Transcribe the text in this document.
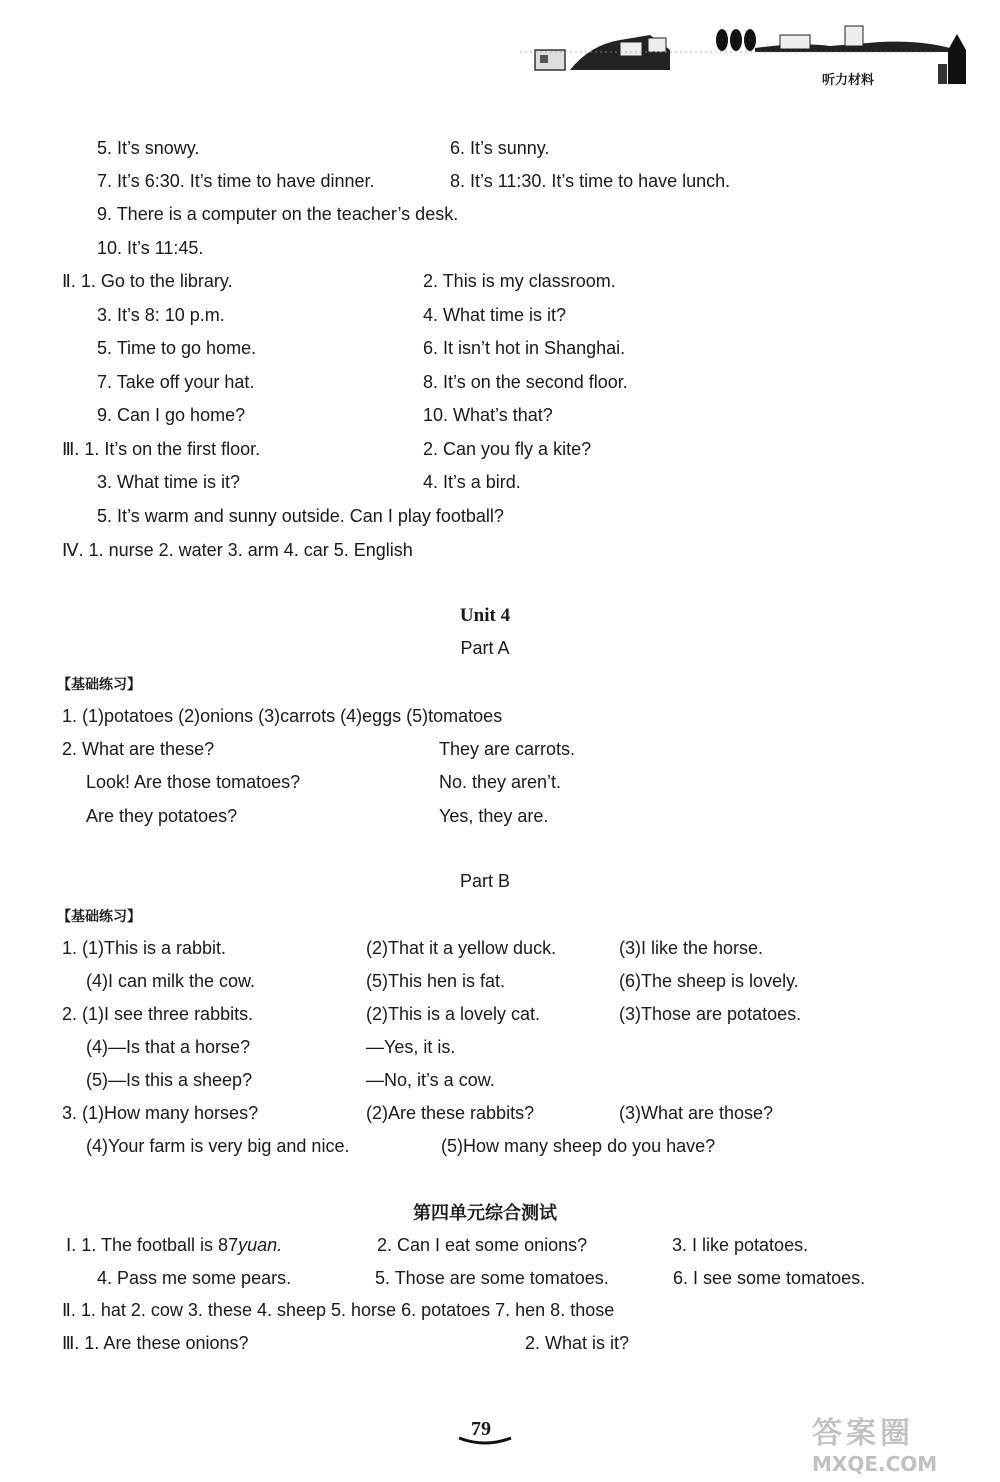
听力材料
5. It’s snowy.	6. It’s sunny.
7. It’s 6:30. It’s time to have dinner.	8. It’s 11:30. It’s time to have lunch.
9. There is a computer on the teacher’s desk.
10. It’s 11:45.
Ⅱ. 1. Go to the library.	2. This is my classroom.
3. It’s 8: 10 p.m.	4. What time is it?
5. Time to go home.	6. It isn’t hot in Shanghai.
7. Take off your hat.	8. It’s on the second floor.
9. Can I go home?	10. What’s that?
Ⅲ. 1. It’s on the first floor.	2. Can you fly a kite?
3. What time is it?	4. It’s a bird.
5. It’s warm and sunny outside. Can I play football?
Ⅳ. 1. nurse 2. water 3. arm 4. car 5. English
Unit 4
Part A
【基础练习】
1. (1)potatoes (2)onions (3)carrots (4)eggs (5)tomatoes
2. What are these?	They are carrots.
Look! Are those tomatoes?	No. they aren’t.
Are they potatoes?	Yes, they are.
Part B
【基础练习】
1. (1)This is a rabbit.	(2)That it a yellow duck.	(3)I like the horse.
(4)I can milk the cow.	(5)This hen is fat.	(6)The sheep is lovely.
2. (1)I see three rabbits.	(2)This is a lovely cat.	(3)Those are potatoes.
(4)—Is that a horse?	—Yes, it is.
(5)—Is this a sheep?	—No, it’s a cow.
3. (1)How many horses?	(2)Are these rabbits?	(3)What are those?
(4)Your farm is very big and nice.	(5)How many sheep do you have?
第四单元综合测试
Ⅰ. 1. The football is 87yuan.	2. Can I eat some onions?	3. I like potatoes.
4. Pass me some pears.	5. Those are some tomatoes.	6. I see some tomatoes.
Ⅱ. 1. hat 2. cow 3. these 4. sheep 5. horse 6. potatoes 7. hen 8. those
Ⅲ. 1. Are these onions?	2. What is it?
79	答案圈
MXQE.COM
